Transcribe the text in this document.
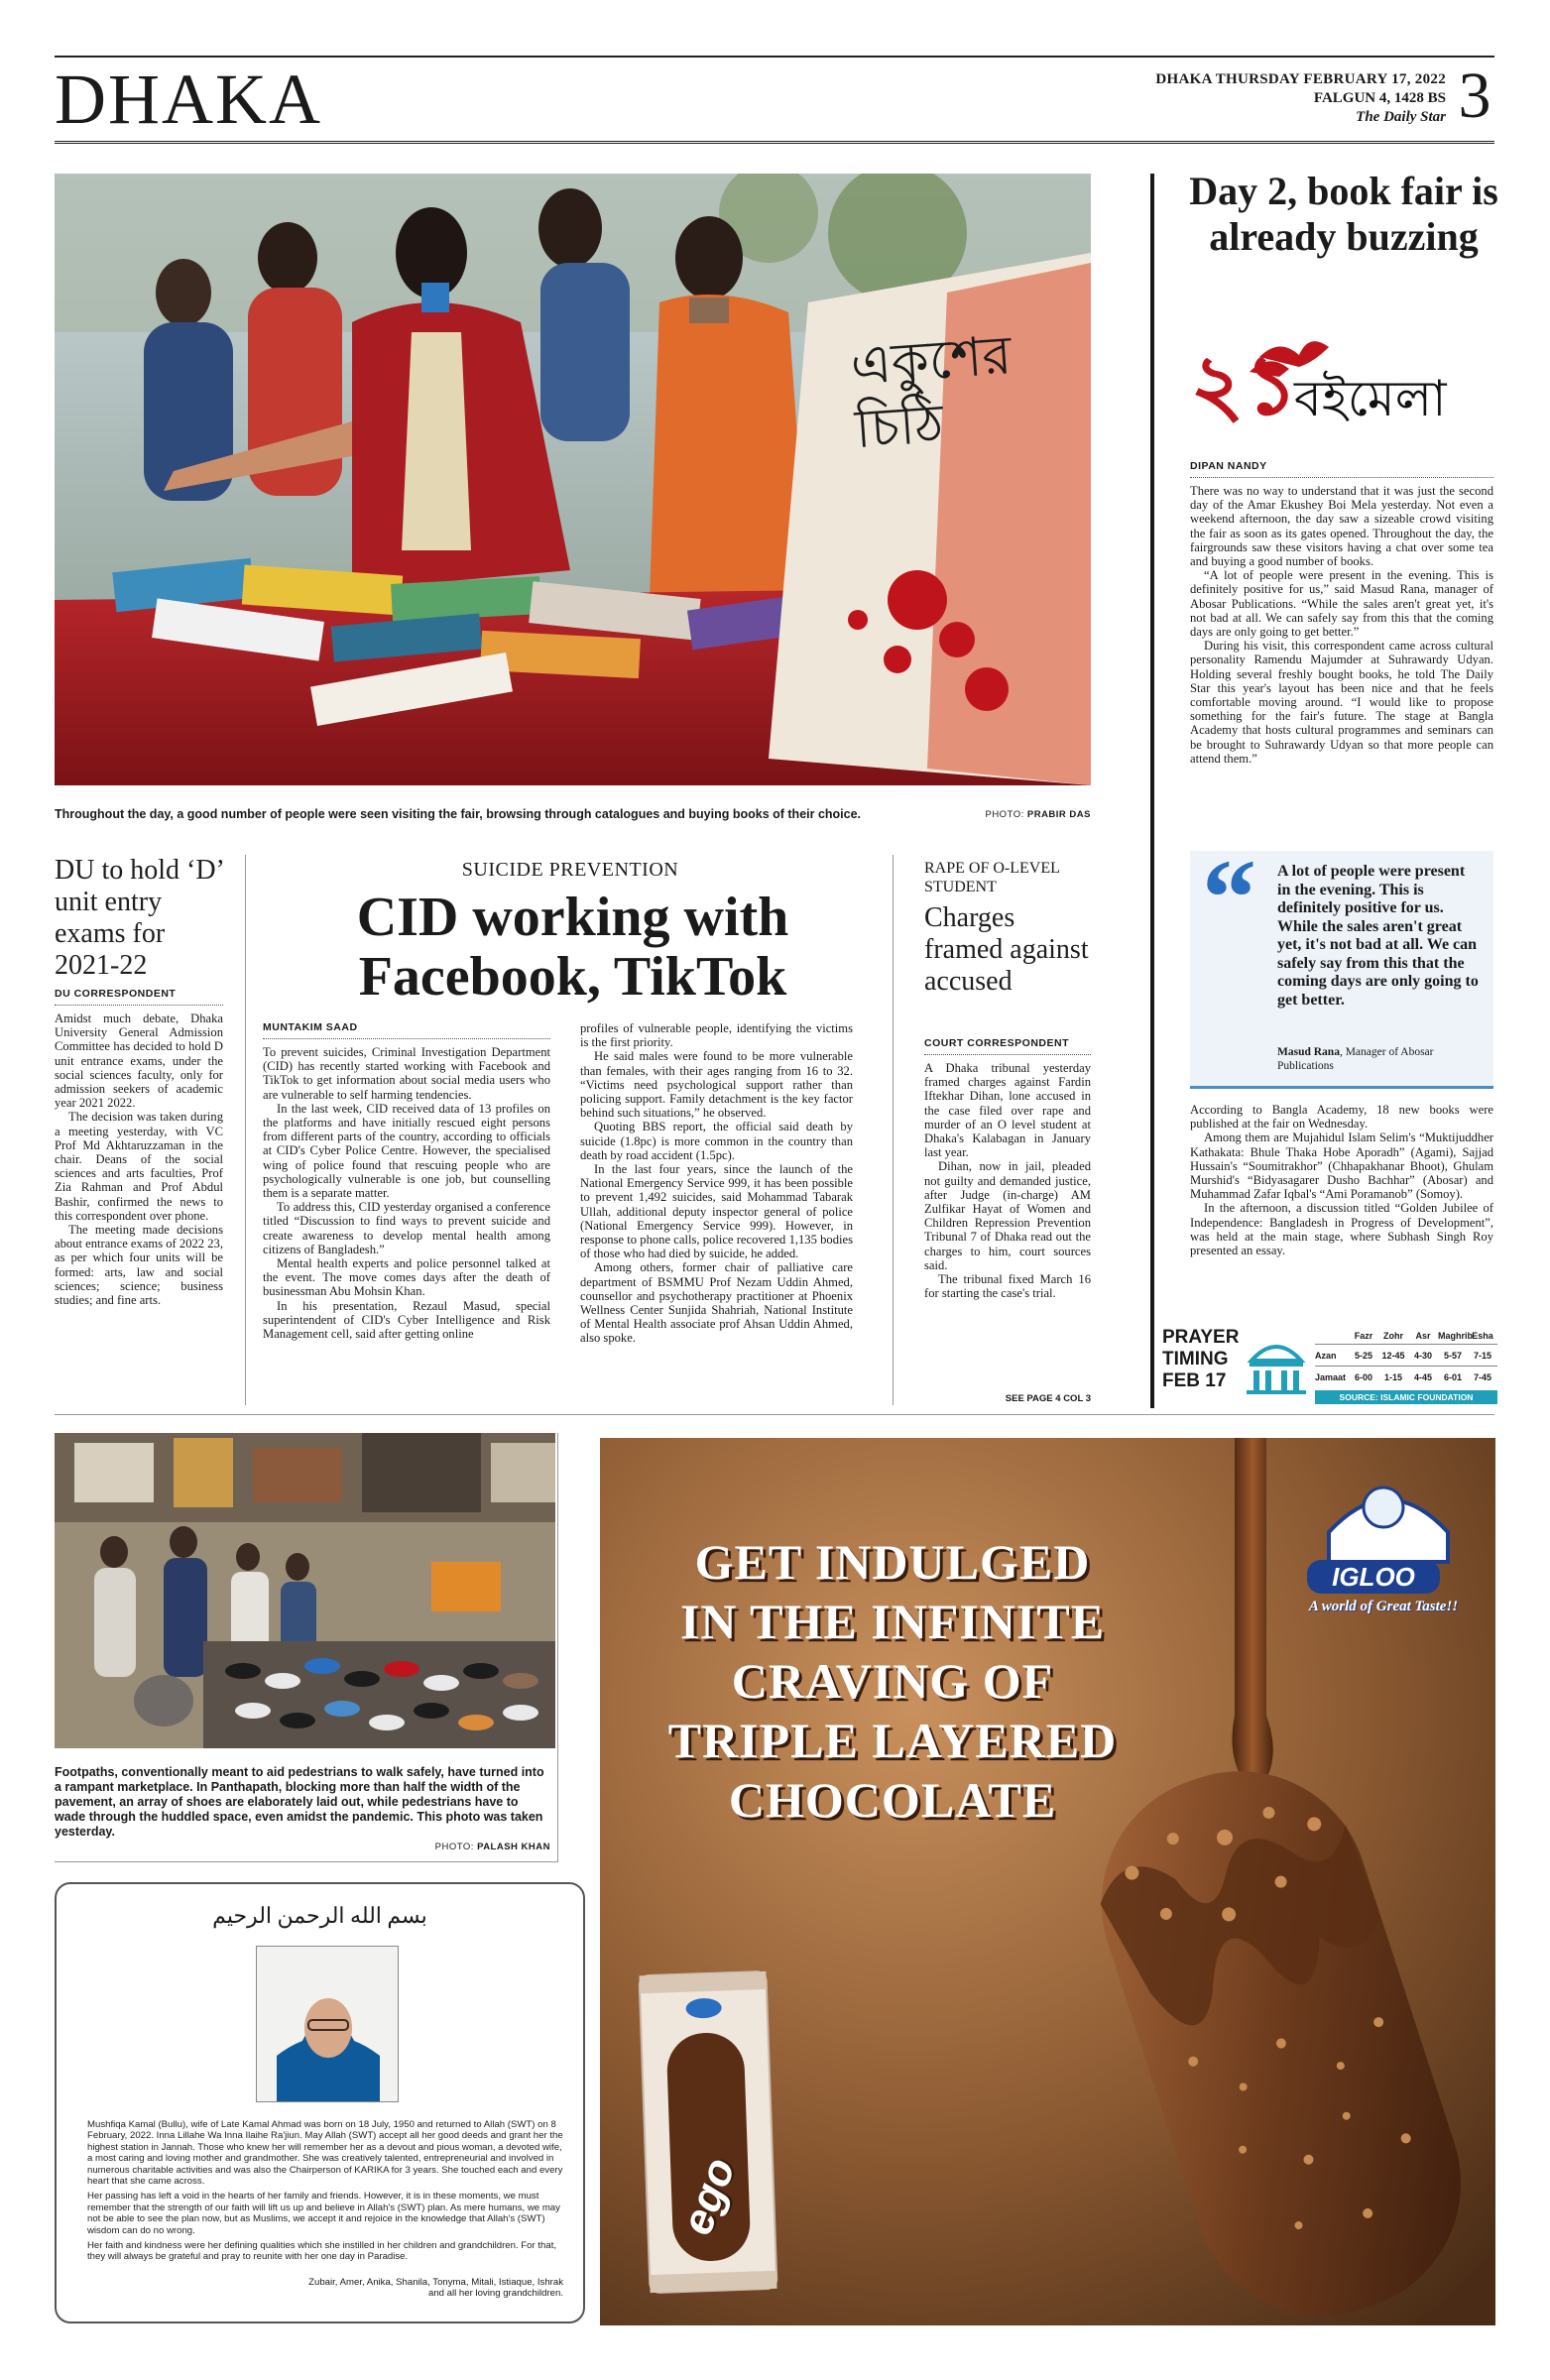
DHAKA	DHAKA THURSDAY FEBRUARY 17, 2022
FALGUN 4, 1428 BS
The Daily Star 3
একুশের চিঠি
Throughout the day, a good number of people were seen visiting the fair, browsing through catalogues and buying books of their choice.	PHOTO: PRABIR DAS
DU to hold ‘D’ unit entry exams for 2021-22
DU CORRESPONDENT

Amidst much debate, Dhaka University General Admission Committee has decided to hold D unit entrance exams, under the social sciences faculty, only for admission seekers of academic year 2021 2022.

The decision was taken during a meeting yesterday, with VC Prof Md Akhtaruzzaman in the chair. Deans of the social sciences and arts faculties, Prof Zia Rahman and Prof Abdul Bashir, confirmed the news to this correspondent over phone.

The meeting made decisions about entrance exams of 2022 23, as per which four units will be formed: arts, law and social sciences; science; business studies; and fine arts.

SUICIDE PREVENTION
CID working with Facebook, TikTok
MUNTAKIM SAAD

To prevent suicides, Criminal Investigation Department (CID) has recently started working with Facebook and TikTok to get information about social media users who are vulnerable to self harming tendencies.

In the last week, CID received data of 13 profiles on the platforms and have initially rescued eight persons from different parts of the country, according to officials at CID's Cyber Police Centre. However, the specialised wing of police found that rescuing people who are psychologically vulnerable is one job, but counselling them is a separate matter.

To address this, CID yesterday organised a conference titled “Discussion to find ways to prevent suicide and create awareness to develop mental health among citizens of Bangladesh.”

Mental health experts and police personnel talked at the event. The move comes days after the death of businessman Abu Mohsin Khan.

In his presentation, Rezaul Masud, special superintendent of CID's Cyber Intelligence and Risk Management cell, said after getting online

profiles of vulnerable people, identifying the victims is the first priority.

He said males were found to be more vulnerable than females, with their ages ranging from 16 to 32. “Victims need psychological support rather than policing support. Family detachment is the key factor behind such situations,” he observed.

Quoting BBS report, the official said death by suicide (1.8pc) is more common in the country than death by road accident (1.5pc).

In the last four years, since the launch of the National Emergency Service 999, it has been possible to prevent 1,492 suicides, said Mohammad Tabarak Ullah, additional deputy inspector general of police (National Emergency Service 999). However, in response to phone calls, police recovered 1,135 bodies of those who had died by suicide, he added.

Among others, former chair of palliative care department of BSMMU Prof Nezam Uddin Ahmed, counsellor and psychotherapy practitioner at Phoenix Wellness Center Sunjida Shahriah, National Institute of Mental Health associate prof Ahsan Uddin Ahmed, also spoke.

RAPE OF O-LEVEL STUDENT
Charges framed against accused
COURT CORRESPONDENT

A Dhaka tribunal yesterday framed charges against Fardin Iftekhar Dihan, lone accused in the case filed over rape and murder of an O level student at Dhaka's Kalabagan in January last year.

Dihan, now in jail, pleaded not guilty and demanded justice, after Judge (in-charge) AM Zulfikar Hayat of Women and Children Repression Prevention Tribunal 7 of Dhaka read out the charges to him, court sources said.

The tribunal fixed March 16 for starting the case's trial.

SEE PAGE 4 COL 3
Day 2, book fair is already buzzing
২১
বইমেলা
DIPAN NANDY

There was no way to understand that it was just the second day of the Amar Ekushey Boi Mela yesterday. Not even a weekend afternoon, the day saw a sizeable crowd visiting the fair as soon as its gates opened. Throughout the day, the fairgrounds saw these visitors having a chat over some tea and buying a good number of books.

“A lot of people were present in the evening. This is definitely positive for us,” said Masud Rana, manager of Abosar Publications. “While the sales aren't great yet, it's not bad at all. We can safely say from this that the coming days are only going to get better.”

During his visit, this correspondent came across cultural personality Ramendu Majumder at Suhrawardy Udyan. Holding several freshly bought books, he told The Daily Star this year's layout has been nice and that he feels comfortable moving around. “I would like to propose something for the fair's future. The stage at Bangla Academy that hosts cultural programmes and seminars can be brought to Suhrawardy Udyan so that more people can attend them.”

“ A lot of people were present in the evening. This is definitely positive for us. While the sales aren't great yet, it's not bad at all. We can safely say from this that the coming days are only going to get better.
Masud Rana, Manager of Abosar Publications

According to Bangla Academy, 18 new books were published at the fair on Wednesday.

Among them are Mujahidul Islam Selim's “Muktijuddher Kathakata: Bhule Thaka Hobe Aporadh” (Agami), Sajjad Hussain's “Soumitrakhor” (Chhapakhanar Bhoot), Ghulam Murshid's “Bidyasagarer Dusho Bachhar” (Abosar) and Muhammad Zafar Iqbal's “Ami Poramanob” (Somoy).

In the afternoon, a discussion titled “Golden Jubilee of Independence: Bangladesh in Progress of Development”, was held at the main stage, where Subhash Singh Roy presented an essay.

PRAYER
TIMING
FEB 17
Fazr	Zohr	Asr Maghrib Esha
Azan	5-25	12-45	4-30	5-57	7-15
Jamaat 6-00	1-15	4-45	6-01	7-45
SOURCE: ISLAMIC FOUNDATION
Footpaths, conventionally meant to aid pedestrians to walk safely, have turned into a rampant marketplace. In Panthapath, blocking more than half the width of the pavement, an array of shoes are elaborately laid out, while pedestrians have to wade through the huddled space, even amidst the pandemic. This photo was taken yesterday.
PHOTO: PALASH KHAN
بسم الله الرحمن الرحيم

Mushfiqa Kamal (Bullu), wife of Late Kamal Ahmad was born on 18 July, 1950 and returned to Allah (SWT) on 8 February, 2022. Inna Lillahe Wa Inna Ilaihe Ra'jiun. May Allah (SWT) accept all her good deeds and grant her the highest station in Jannah. Those who knew her will remember her as a devout and pious woman, a devoted wife, a most caring and loving mother and grandmother. She was creatively talented, entrepreneurial and involved in numerous charitable activities and was also the Chairperson of KARIKA for 3 years. She touched each and every heart that she came across.

Her passing has left a void in the hearts of her family and friends. However, it is in these moments, we must remember that the strength of our faith will lift us up and believe in Allah's (SWT) plan. As mere humans, we may not be able to see the plan now, but as Muslims, we accept it and rejoice in the knowledge that Allah's (SWT) wisdom can do no wrong.

Her faith and kindness were her defining qualities which she instilled in her children and grandchildren. For that, they will always be grateful and pray to reunite with her one day in Paradise.

Zubair, Amer, Anika, Shanila, Tonyma, Mitali, Istiaque, Ishrak
and all her loving grandchildren.
GET INDULGED
IN THE INFINITE
CRAVING OF
TRIPLE LAYERED
CHOCOLATE
IGLOO
A world of Great Taste!!
ego
